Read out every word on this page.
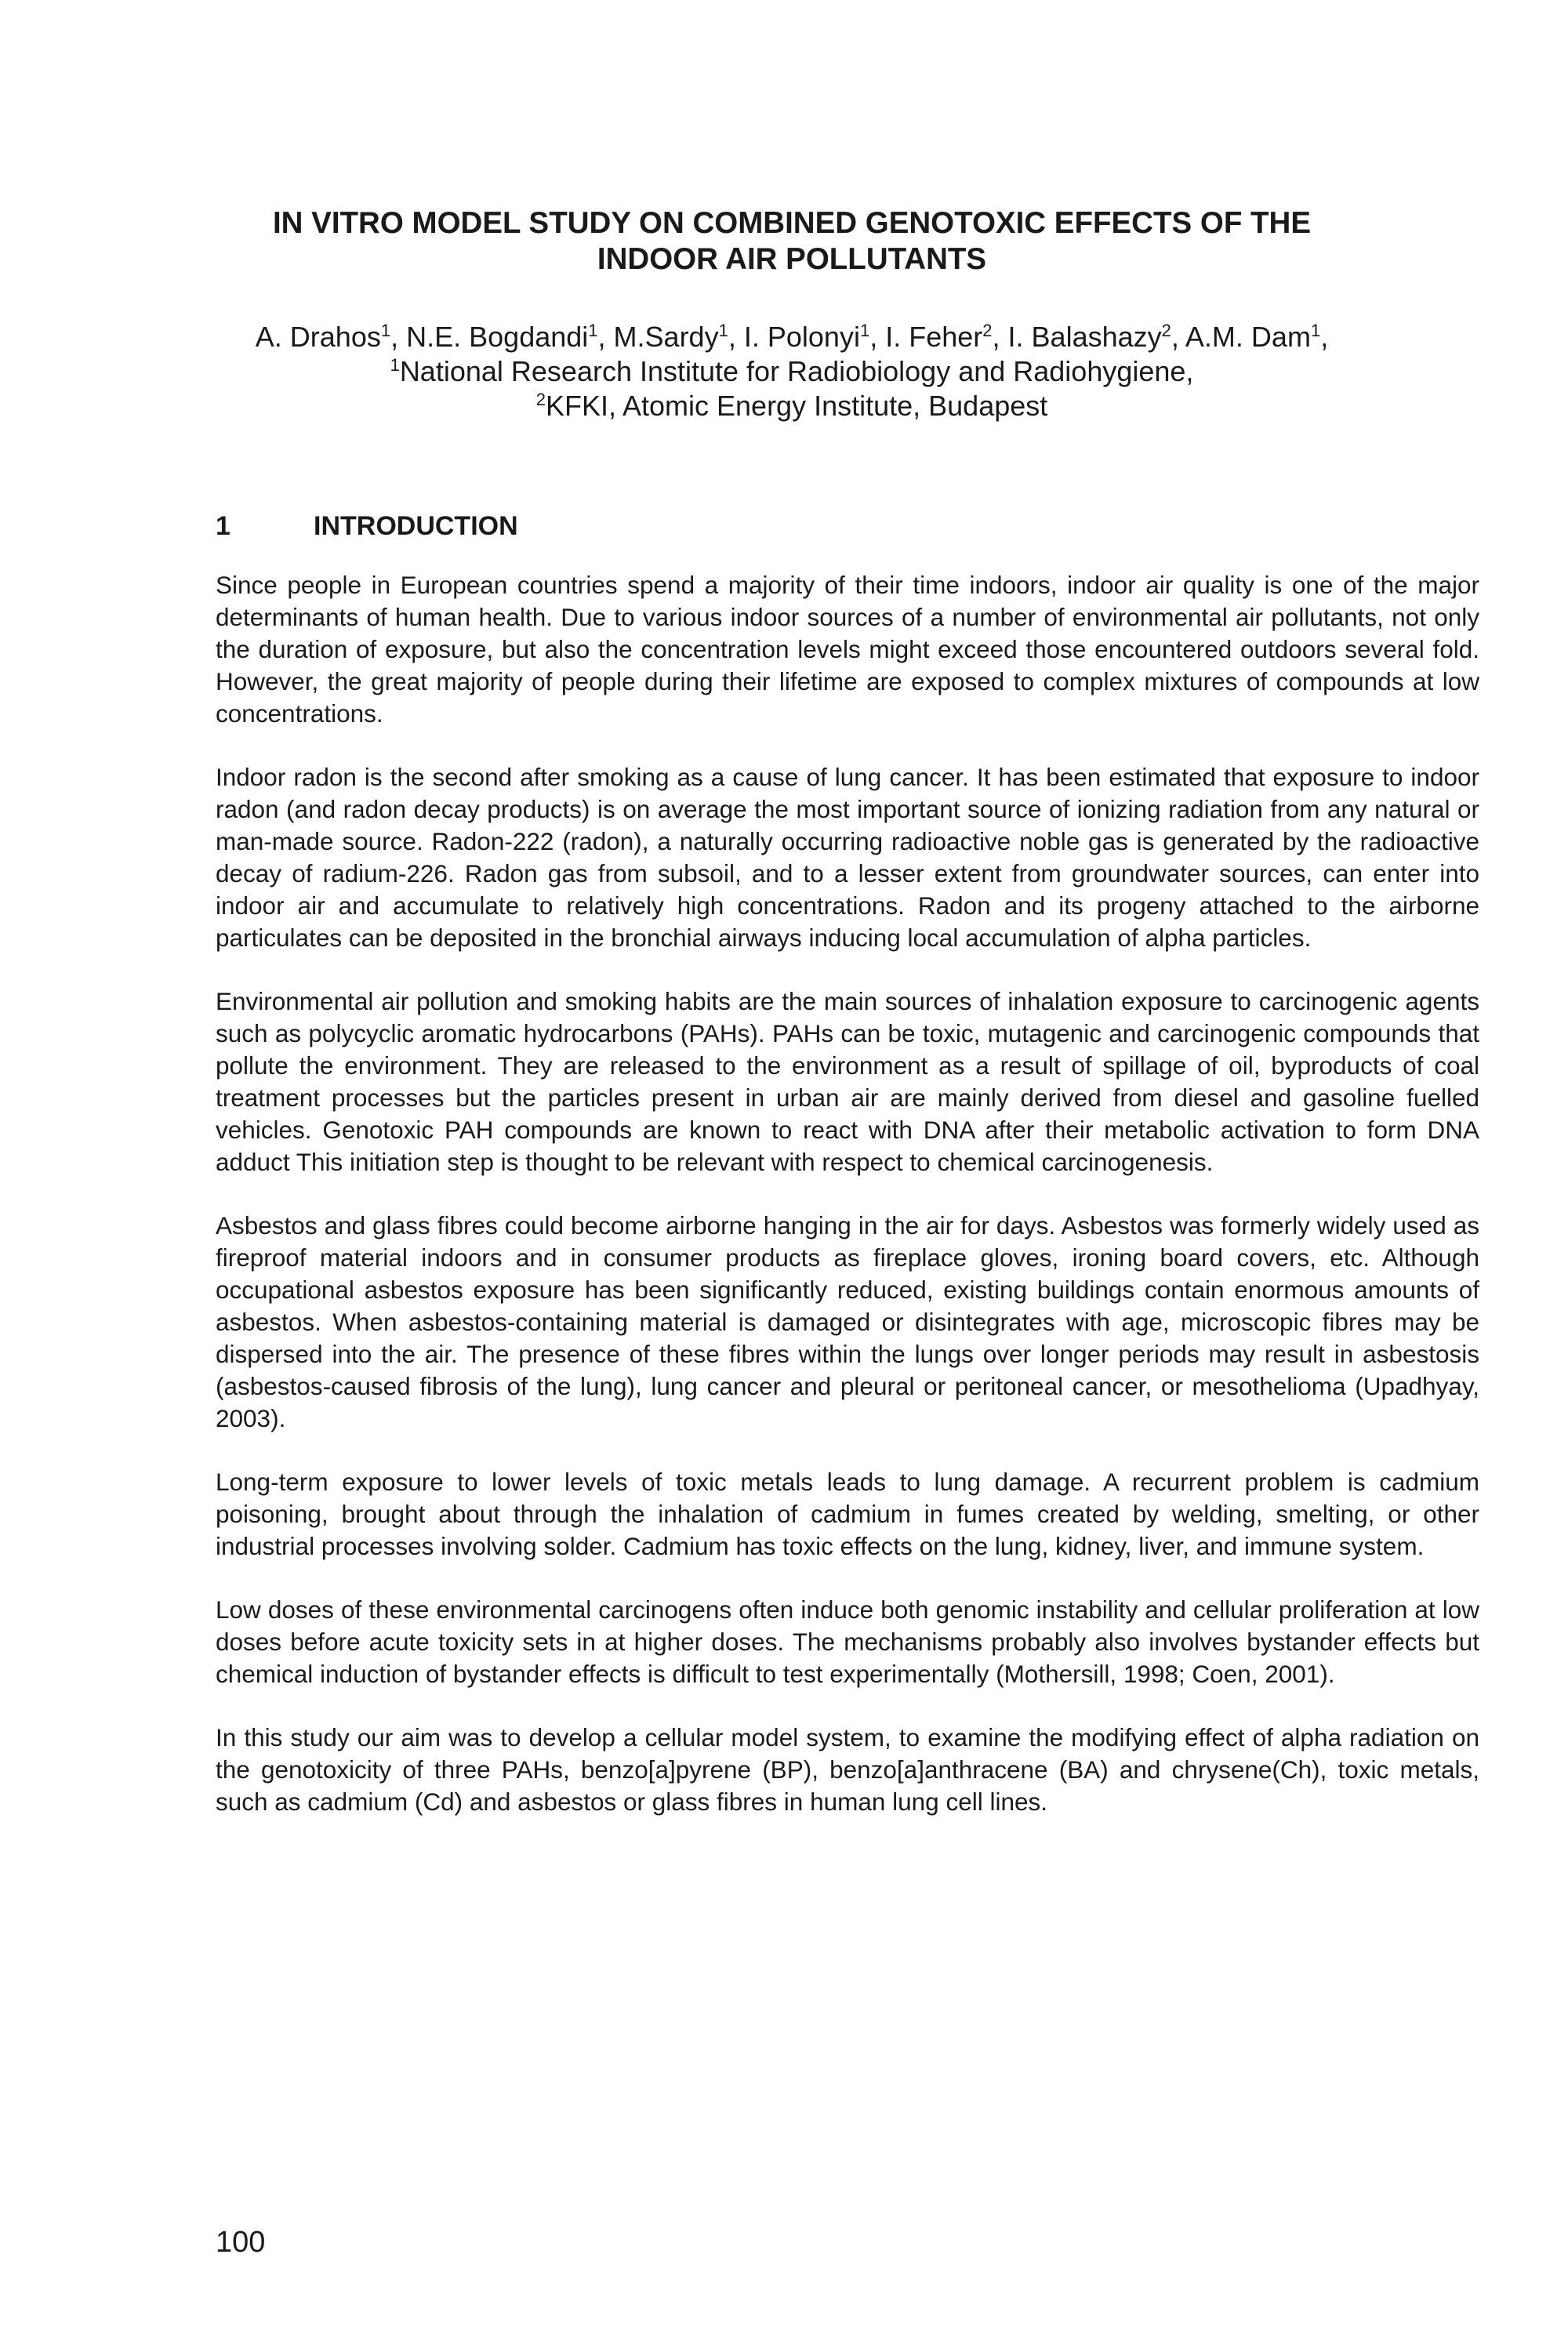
IN VITRO MODEL STUDY ON COMBINED GENOTOXIC EFFECTS OF THE
INDOOR AIR POLLUTANTS
A. Drahos$^1$, N.E. Bogdandi$^1$, M.Sardy$^1$, I. Polonyi$^1$, I. Feher$^2$, I. Balashazy$^2$, A.M. Dam$^1$,
$^1$National Research Institute for Radiobiology and Radiohygiene,
$^2$KFKI, Atomic Energy Institute, Budapest
1	INTRODUCTION

Since people in European countries spend a majority of their time indoors, indoor air quality is one of the major determinants of human health. Due to various indoor sources of a number of environmental air pollutants, not only the duration of exposure, but also the concentration levels might exceed those encountered outdoors several fold. However, the great majority of people during their lifetime are exposed to complex mixtures of compounds at low concentrations.

Indoor radon is the second after smoking as a cause of lung cancer. It has been estimated that exposure to indoor radon (and radon decay products) is on average the most important source of ionizing radiation from any natural or man-made source. Radon-222 (radon), a naturally occurring radioactive noble gas is generated by the radioactive decay of radium-226. Radon gas from subsoil, and to a lesser extent from groundwater sources, can enter into indoor air and accumulate to relatively high concentrations. Radon and its progeny attached to the airborne particulates can be deposited in the bronchial airways inducing local accumulation of alpha particles.

Environmental air pollution and smoking habits are the main sources of inhalation exposure to carcinogenic agents such as polycyclic aromatic hydrocarbons (PAHs). PAHs can be toxic, mutagenic and carcinogenic compounds that pollute the environment. They are released to the environment as a result of spillage of oil, byproducts of coal treatment processes but the particles present in urban air are mainly derived from diesel and gasoline fuelled vehicles. Genotoxic PAH compounds are known to react with DNA after their metabolic activation to form DNA adduct This initiation step is thought to be relevant with respect to chemical carcinogenesis.

Asbestos and glass fibres could become airborne hanging in the air for days. Asbestos was formerly widely used as fireproof material indoors and in consumer products as fireplace gloves, ironing board covers, etc. Although occupational asbestos exposure has been significantly reduced, existing buildings contain enormous amounts of asbestos. When asbestos-containing material is damaged or disintegrates with age, microscopic fibres may be dispersed into the air. The presence of these fibres within the lungs over longer periods may result in asbestosis (asbestos-caused fibrosis of the lung), lung cancer and pleural or peritoneal cancer, or mesothelioma (Upadhyay, 2003).

Long-term exposure to lower levels of toxic metals leads to lung damage. A recurrent problem is cadmium poisoning, brought about through the inhalation of cadmium in fumes created by welding, smelting, or other industrial processes involving solder. Cadmium has toxic effects on the lung, kidney, liver, and immune system.

Low doses of these environmental carcinogens often induce both genomic instability and cellular proliferation at low doses before acute toxicity sets in at higher doses. The mechanisms probably also involves bystander effects but chemical induction of bystander effects is difficult to test experimentally (Mothersill, 1998; Coen, 2001).

In this study our aim was to develop a cellular model system, to examine the modifying effect of alpha radiation on the genotoxicity of three PAHs, benzo[a]pyrene (BP), benzo[a]anthracene (BA) and chrysene(Ch), toxic metals, such as cadmium (Cd) and asbestos or glass fibres in human lung cell lines.

100
